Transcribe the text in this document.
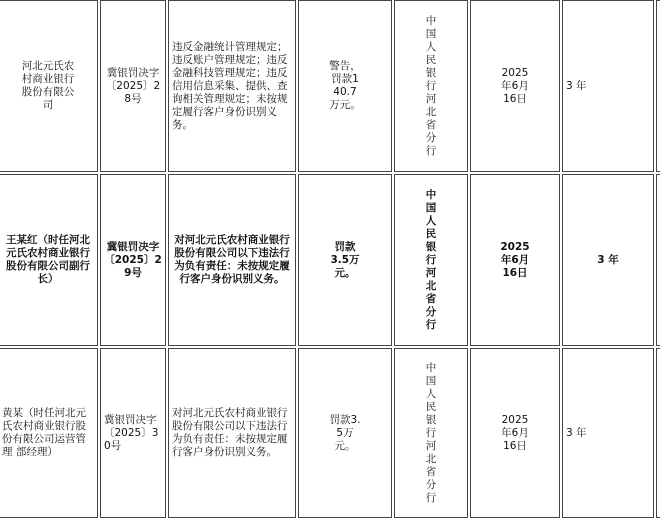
河北元氏农村商业银行股份有限公司	冀银罚决字〔2025〕28号	违反金融统计管理规定；违反账户管理规定；违反金融科技管理规定；违反 信用信息采集、提供、查询相关管理规定；未按规定履行客户身份识别义务。	警告，罚款140.7万元。	中国人民银行河北省分行	2025年6月16日	3 年	
王某红（时任河北元氏农村商业银行股份有限公司副行长）	冀银罚决字〔2025〕29号	对河北元氏农村商业银行股份有限公司以下违法行为负有责任：未按规定履行客户身份识别义务。	罚款3.5万元。	中国人民银行河北省分行	2025年6月16日	3 年	
黄某（时任河北元氏农村商业银行股份有限公司运营管理 部经理）	冀银罚决字〔2025〕30号	对河北元氏农村商业银行股份有限公司以下违法行为负有责任：未按规定履行客户身份识别义务。	罚款3.5万元。	中国人民银行河北省分行	2025年6月16日	3 年	
